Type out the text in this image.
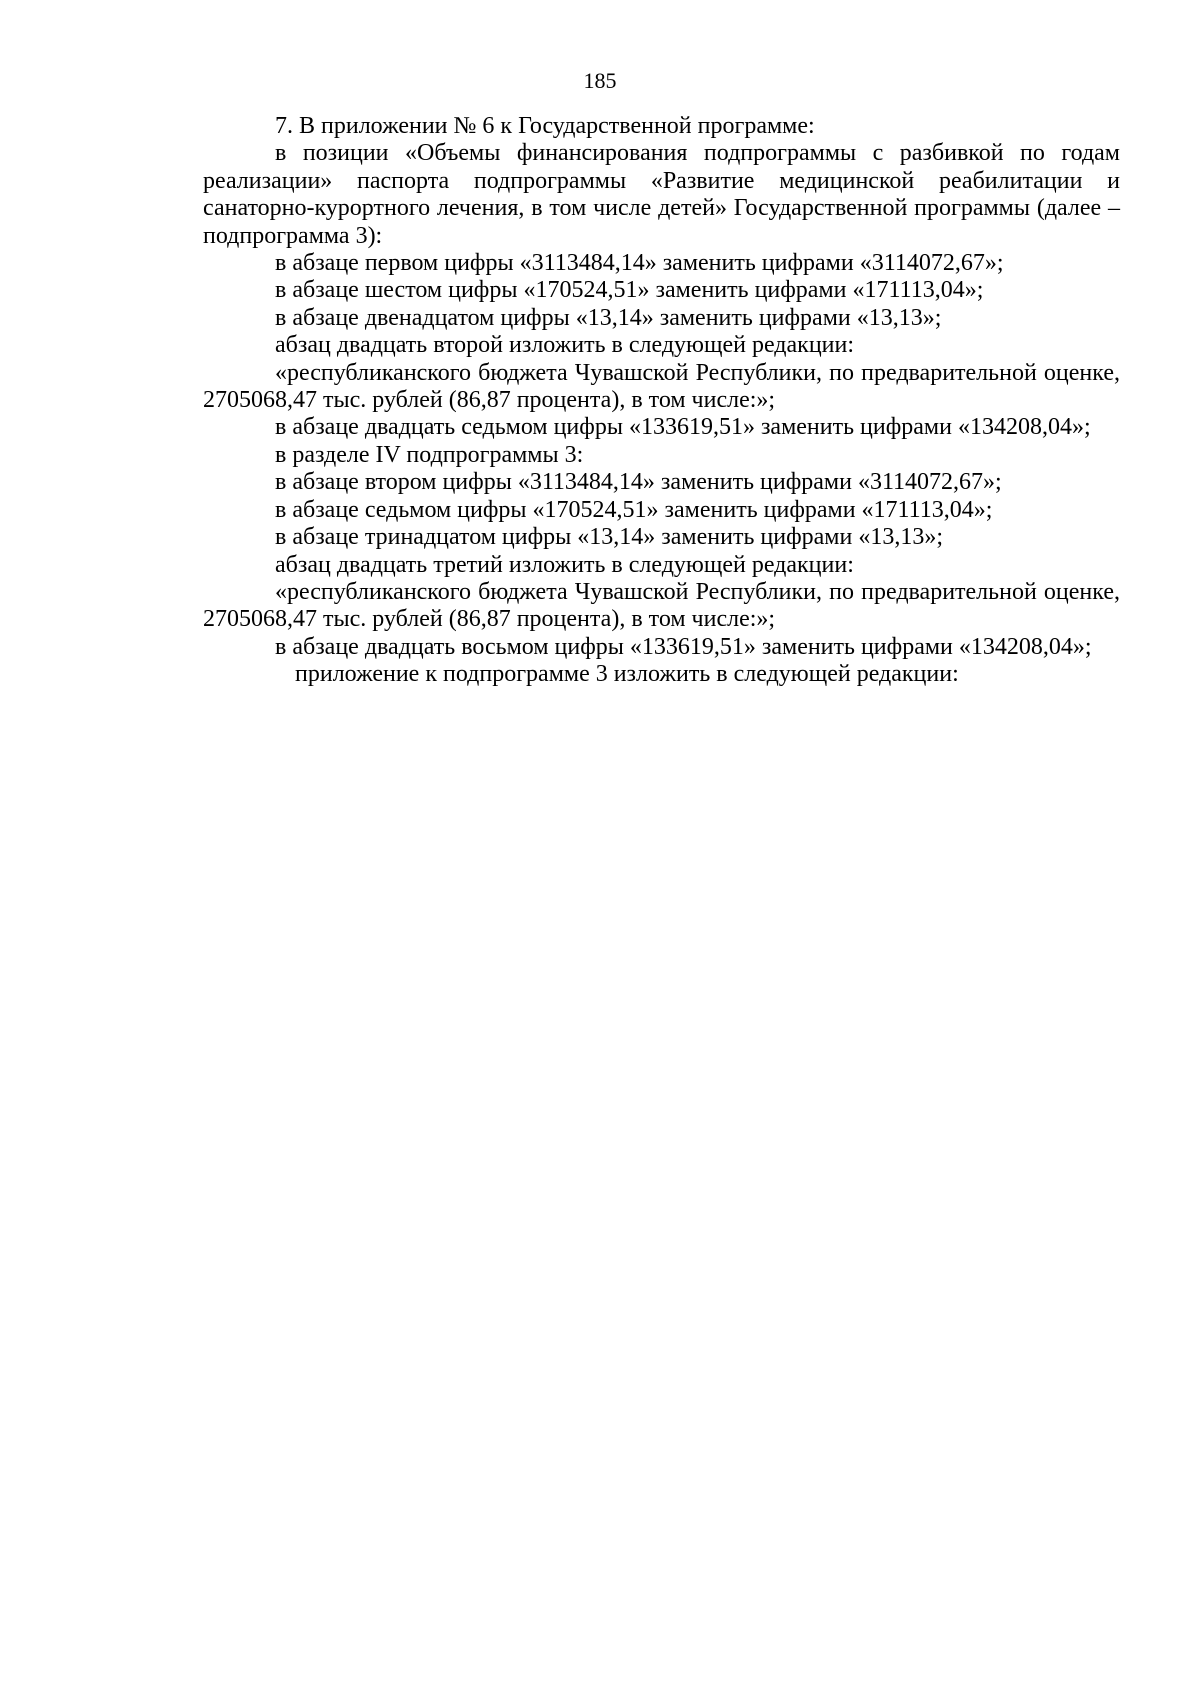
185

7. В приложении № 6 к Государственной программе:

в позиции «Объемы финансирования подпрограммы с разбивкой по годам реализации» паспорта подпрограммы «Развитие медицинской реабилитации и санаторно-курортного лечения, в том числе детей» Государственной программы (далее – подпрограмма 3):

в абзаце первом цифры «3113484,14» заменить цифрами «3114072,67»;

в абзаце шестом цифры «170524,51» заменить цифрами «171113,04»;

в абзаце двенадцатом цифры «13,14» заменить цифрами «13,13»;

абзац двадцать второй изложить в следующей редакции:

«республиканского бюджета Чувашской Республики, по предварительной оценке, 2705068,47 тыс. рублей (86,87 процента), в том числе:»;

в абзаце двадцать седьмом цифры «133619,51» заменить цифрами «134208,04»;

в разделе IV подпрограммы 3:

в абзаце втором цифры «3113484,14» заменить цифрами «3114072,67»;

в абзаце седьмом цифры «170524,51» заменить цифрами «171113,04»;

в абзаце тринадцатом цифры «13,14» заменить цифрами «13,13»;

абзац двадцать третий изложить в следующей редакции:

«республиканского бюджета Чувашской Республики, по предварительной оценке, 2705068,47 тыс. рублей (86,87 процента), в том числе:»;

в абзаце двадцать восьмом цифры «133619,51» заменить цифрами «134208,04»;

приложение к подпрограмме 3 изложить в следующей редакции:
